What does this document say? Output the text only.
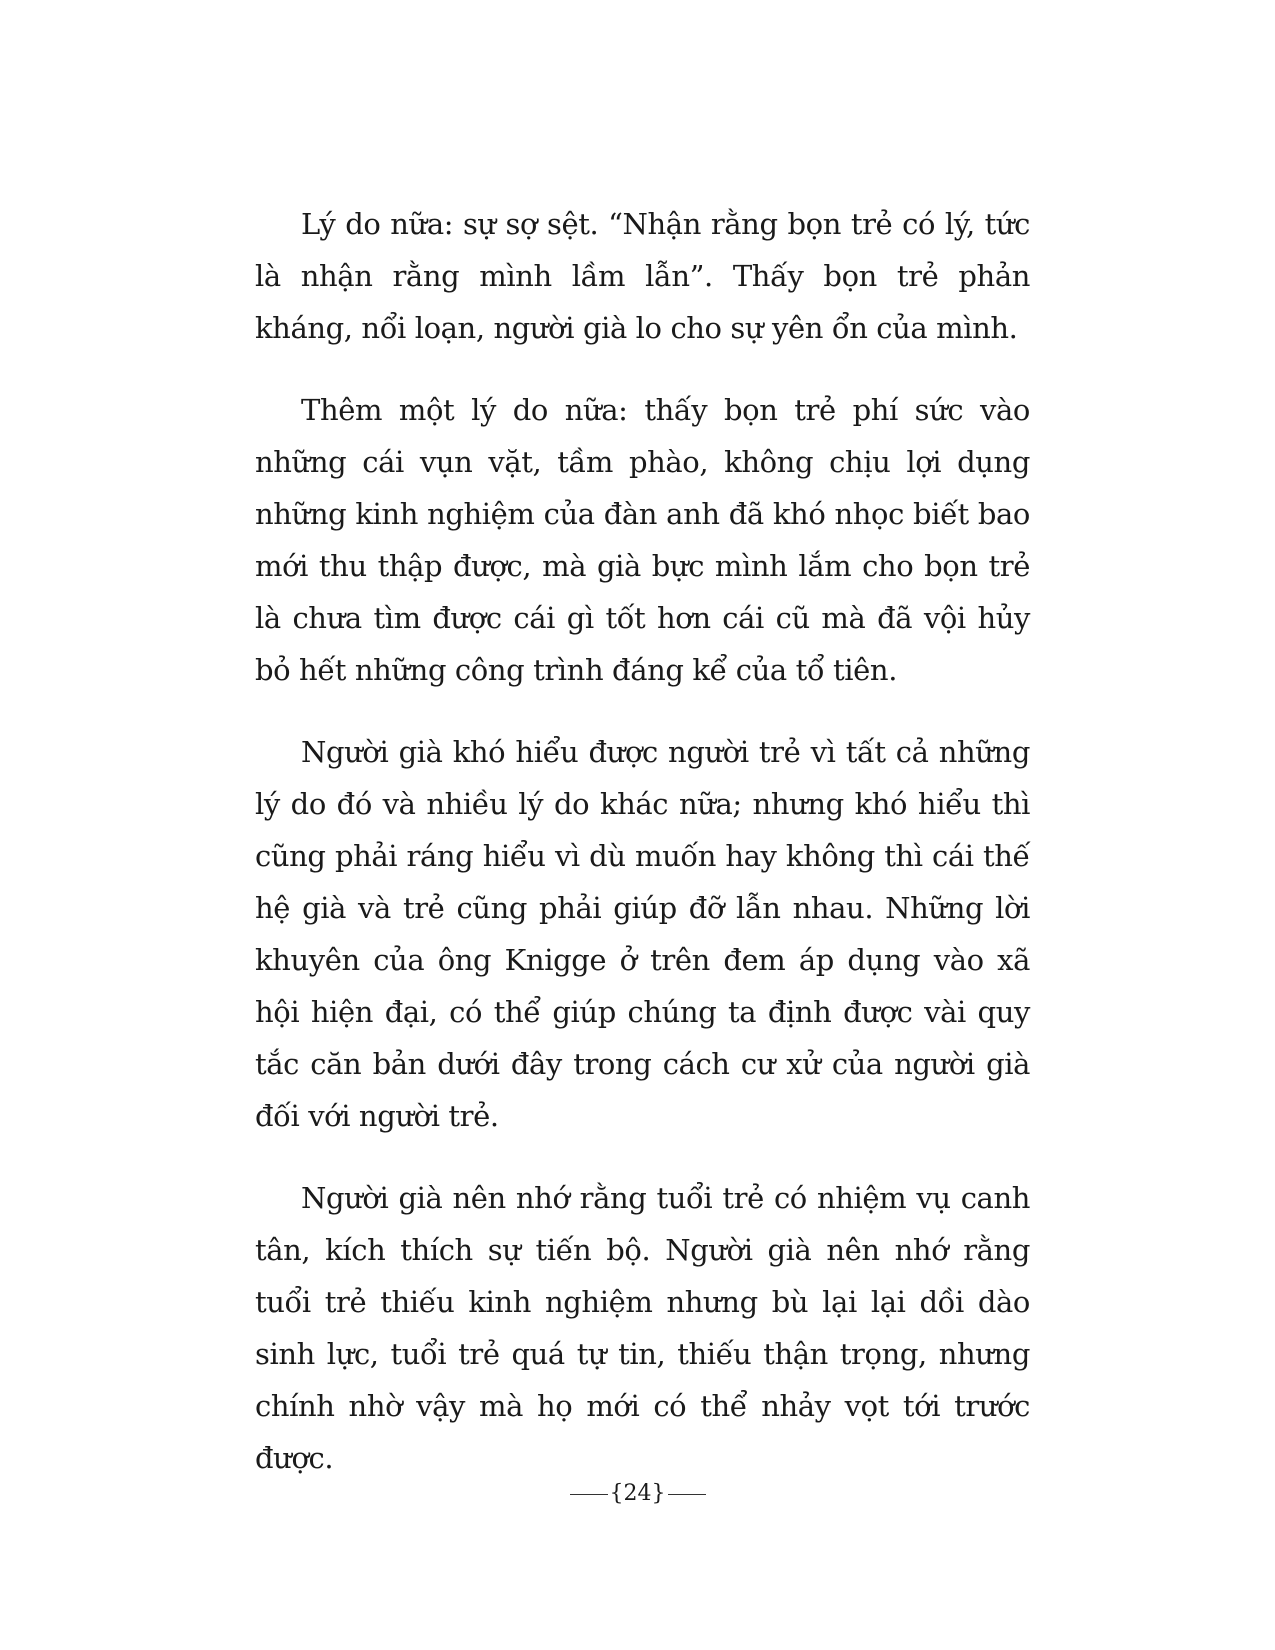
Lý do nữa: sự sợ sệt. “Nhận rằng bọn trẻ có lý, tức là nhận rằng mình lầm lẫn”. Thấy bọn trẻ phản kháng, nổi loạn, người già lo cho sự yên ổn của mình.

Thêm một lý do nữa: thấy bọn trẻ phí sức vào những cái vụn vặt, tầm phào, không chịu lợi dụng những kinh nghiệm của đàn anh đã khó nhọc biết bao mới thu thập được, mà già bực mình lắm cho bọn trẻ là chưa tìm được cái gì tốt hơn cái cũ mà đã vội hủy bỏ hết những công trình đáng kể của tổ tiên.

Người già khó hiểu được người trẻ vì tất cả những lý do đó và nhiều lý do khác nữa; nhưng khó hiểu thì cũng phải ráng hiểu vì dù muốn hay không thì cái thế hệ già và trẻ cũng phải giúp đỡ lẫn nhau. Những lời khuyên của ông Knigge ở trên đem áp dụng vào xã hội hiện đại, có thể giúp chúng ta định được vài quy tắc căn bản dưới đây trong cách cư xử của người già đối với người trẻ.

Người già nên nhớ rằng tuổi trẻ có nhiệm vụ canh tân, kích thích sự tiến bộ. Người già nên nhớ rằng tuổi trẻ thiếu kinh nghiệm nhưng bù lại lại dồi dào sinh lực, tuổi trẻ quá tự tin, thiếu thận trọng, nhưng chính nhờ vậy mà họ mới có thể nhảy vọt tới trước được.

{24}
